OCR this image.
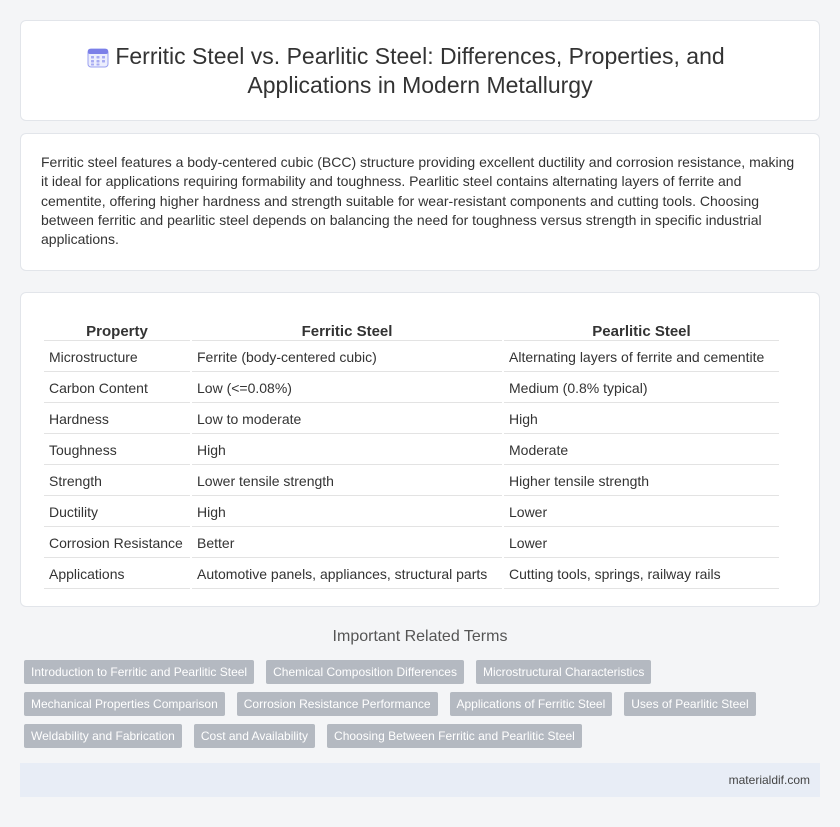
Ferritic Steel vs. Pearlitic Steel: Differences, Properties, and Applications in Modern Metallurgy

Ferritic steel features a body-centered cubic (BCC) structure providing excellent ductility and corrosion resistance, making it ideal for applications requiring formability and toughness. Pearlitic steel contains alternating layers of ferrite and cementite, offering higher hardness and strength suitable for wear-resistant components and cutting tools. Choosing between ferritic and pearlitic steel depends on balancing the need for toughness versus strength in specific industrial applications.

Property	Ferritic Steel	Pearlitic Steel
Microstructure	Ferrite (body-centered cubic)	Alternating layers of ferrite and cementite
Carbon Content	Low (<=0.08%)	Medium (0.8% typical)
Hardness	Low to moderate	High
Toughness	High	Moderate
Strength	Lower tensile strength	Higher tensile strength
Ductility	High	Lower
Corrosion Resistance	Better	Lower
Applications	Automotive panels, appliances, structural parts	Cutting tools, springs, railway rails
Important Related Terms
Introduction to Ferritic and Pearlitic Steel	Chemical Composition Differences	Microstructural Characteristics
Mechanical Properties Comparison	Corrosion Resistance Performance	Applications of Ferritic Steel	Uses of Pearlitic Steel
Weldability and Fabrication	Cost and Availability	Choosing Between Ferritic and Pearlitic Steel
materialdif.com
